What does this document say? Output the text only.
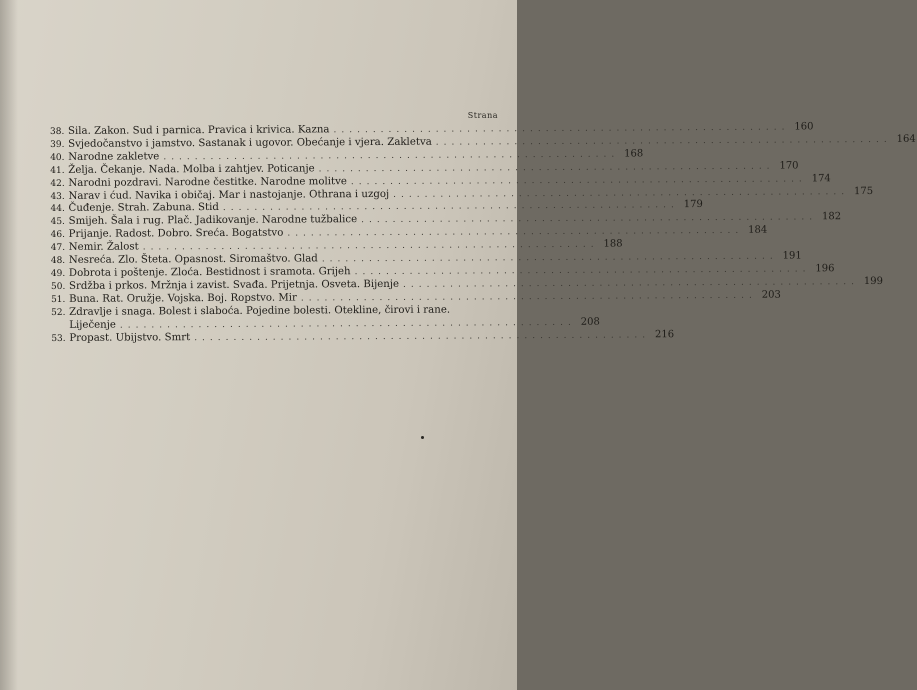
Strana
38. Sila. Zakon. Sud i parnica. Pravica i krivica. Kazna .......................................................... 160
39. Svjedočanstvo i jamstvo. Sastanak i ugovor. Obećanje i vjera. Zakletva .......................................................... 164
40. Narodne zakletve .......................................................... 168
41. Želja. Čekanje. Nada. Molba i zahtjev. Poticanje .......................................................... 170
42. Narodni pozdravi. Narodne čestitke. Narodne molitve .......................................................... 174
43. Narav i ćud. Navika i običaj. Mar i nastojanje. Othrana i uzgoj .......................................................... 175
44. Čuđenje. Strah. Zabuna. Stid .......................................................... 179
45. Smijeh. Šala i rug. Plač. Jadikovanje. Narodne tužbalice .......................................................... 182
46. Prijanje. Radost. Dobro. Sreća. Bogatstvo .......................................................... 184
47. Nemir. Žalost .......................................................... 188
48. Nesreća. Zlo. Šteta. Opasnost. Siromaštvo. Glad .......................................................... 191
49. Dobrota i poštenje. Zloća. Bestidnost i sramota. Grijeh .......................................................... 196
50. Srdžba i prkos. Mržnja i zavist. Svađa. Prijetnja. Osveta. Bijenje .......................................................... 199
51. Buna. Rat. Oružje. Vojska. Boj. Ropstvo. Mir .......................................................... 203
52. Zdravlje i snaga. Bolest i slaboća. Pojedine bolesti. Otekline, čirovi i rane.
Liječenje .......................................................... 208
53. Propast. Ubijstvo. Smrt .......................................................... 216
